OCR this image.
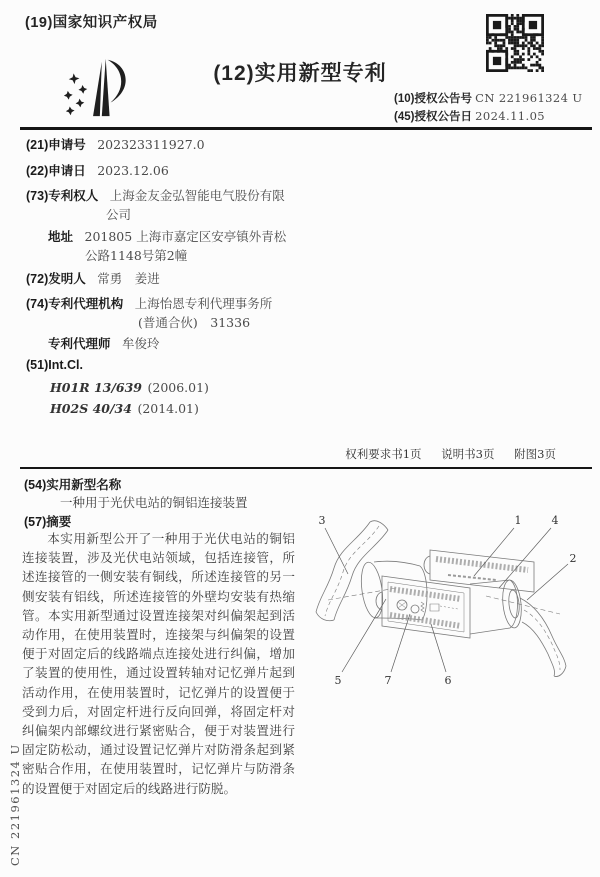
(19)国家知识产权局
(12)实用新型专利
(10)授权公告号 CN 221961324 U
(45)授权公告日 2024.11.05
(21)申请号 202323311927.0
(22)申请日 2023.12.06
(73)专利权人 上海金友金弘智能电气股份有限
公司
地址 201805 上海市嘉定区安亭镇外青松
公路1148号第2幢
(72)发明人 常勇　姜进
(74)专利代理机构 上海怡恩专利代理事务所
(普通合伙)　31336
专利代理师 牟俊玲
(51)Int.Cl.
H01R 13/639 (2006.01)
H02S 40/34 (2014.01)
权利要求书1页 说明书3页 附图3页
(54)实用新型名称
一种用于光伏电站的铜铝连接装置
(57)摘要
本实用新型公开了一种用于光伏电站的铜铝连接装置，涉及光伏电站领域，包括连接管，所述连接管的一侧安装有铜线，所述连接管的另一侧安装有铝线，所述连接管的外壁均安装有热缩管。本实用新型通过设置连接架对纠偏架起到活动作用，在使用装置时，连接架与纠偏架的设置便于对固定后的线路端点连接处进行纠偏，增加了装置的使用性，通过设置转轴对记忆弹片起到活动作用，在使用装置时，记忆弹片的设置便于受到力后，对固定杆进行反向回弹，将固定杆对纠偏架内部螺纹进行紧密贴合，便于对装置进行固定防松动，通过设置记忆弹片对防滑条起到紧密贴合作用，在使用装置时，记忆弹片与防滑条的设置便于对固定后的线路进行防脱。
3	1	4
2
5	7	6
CN 221961324 U
